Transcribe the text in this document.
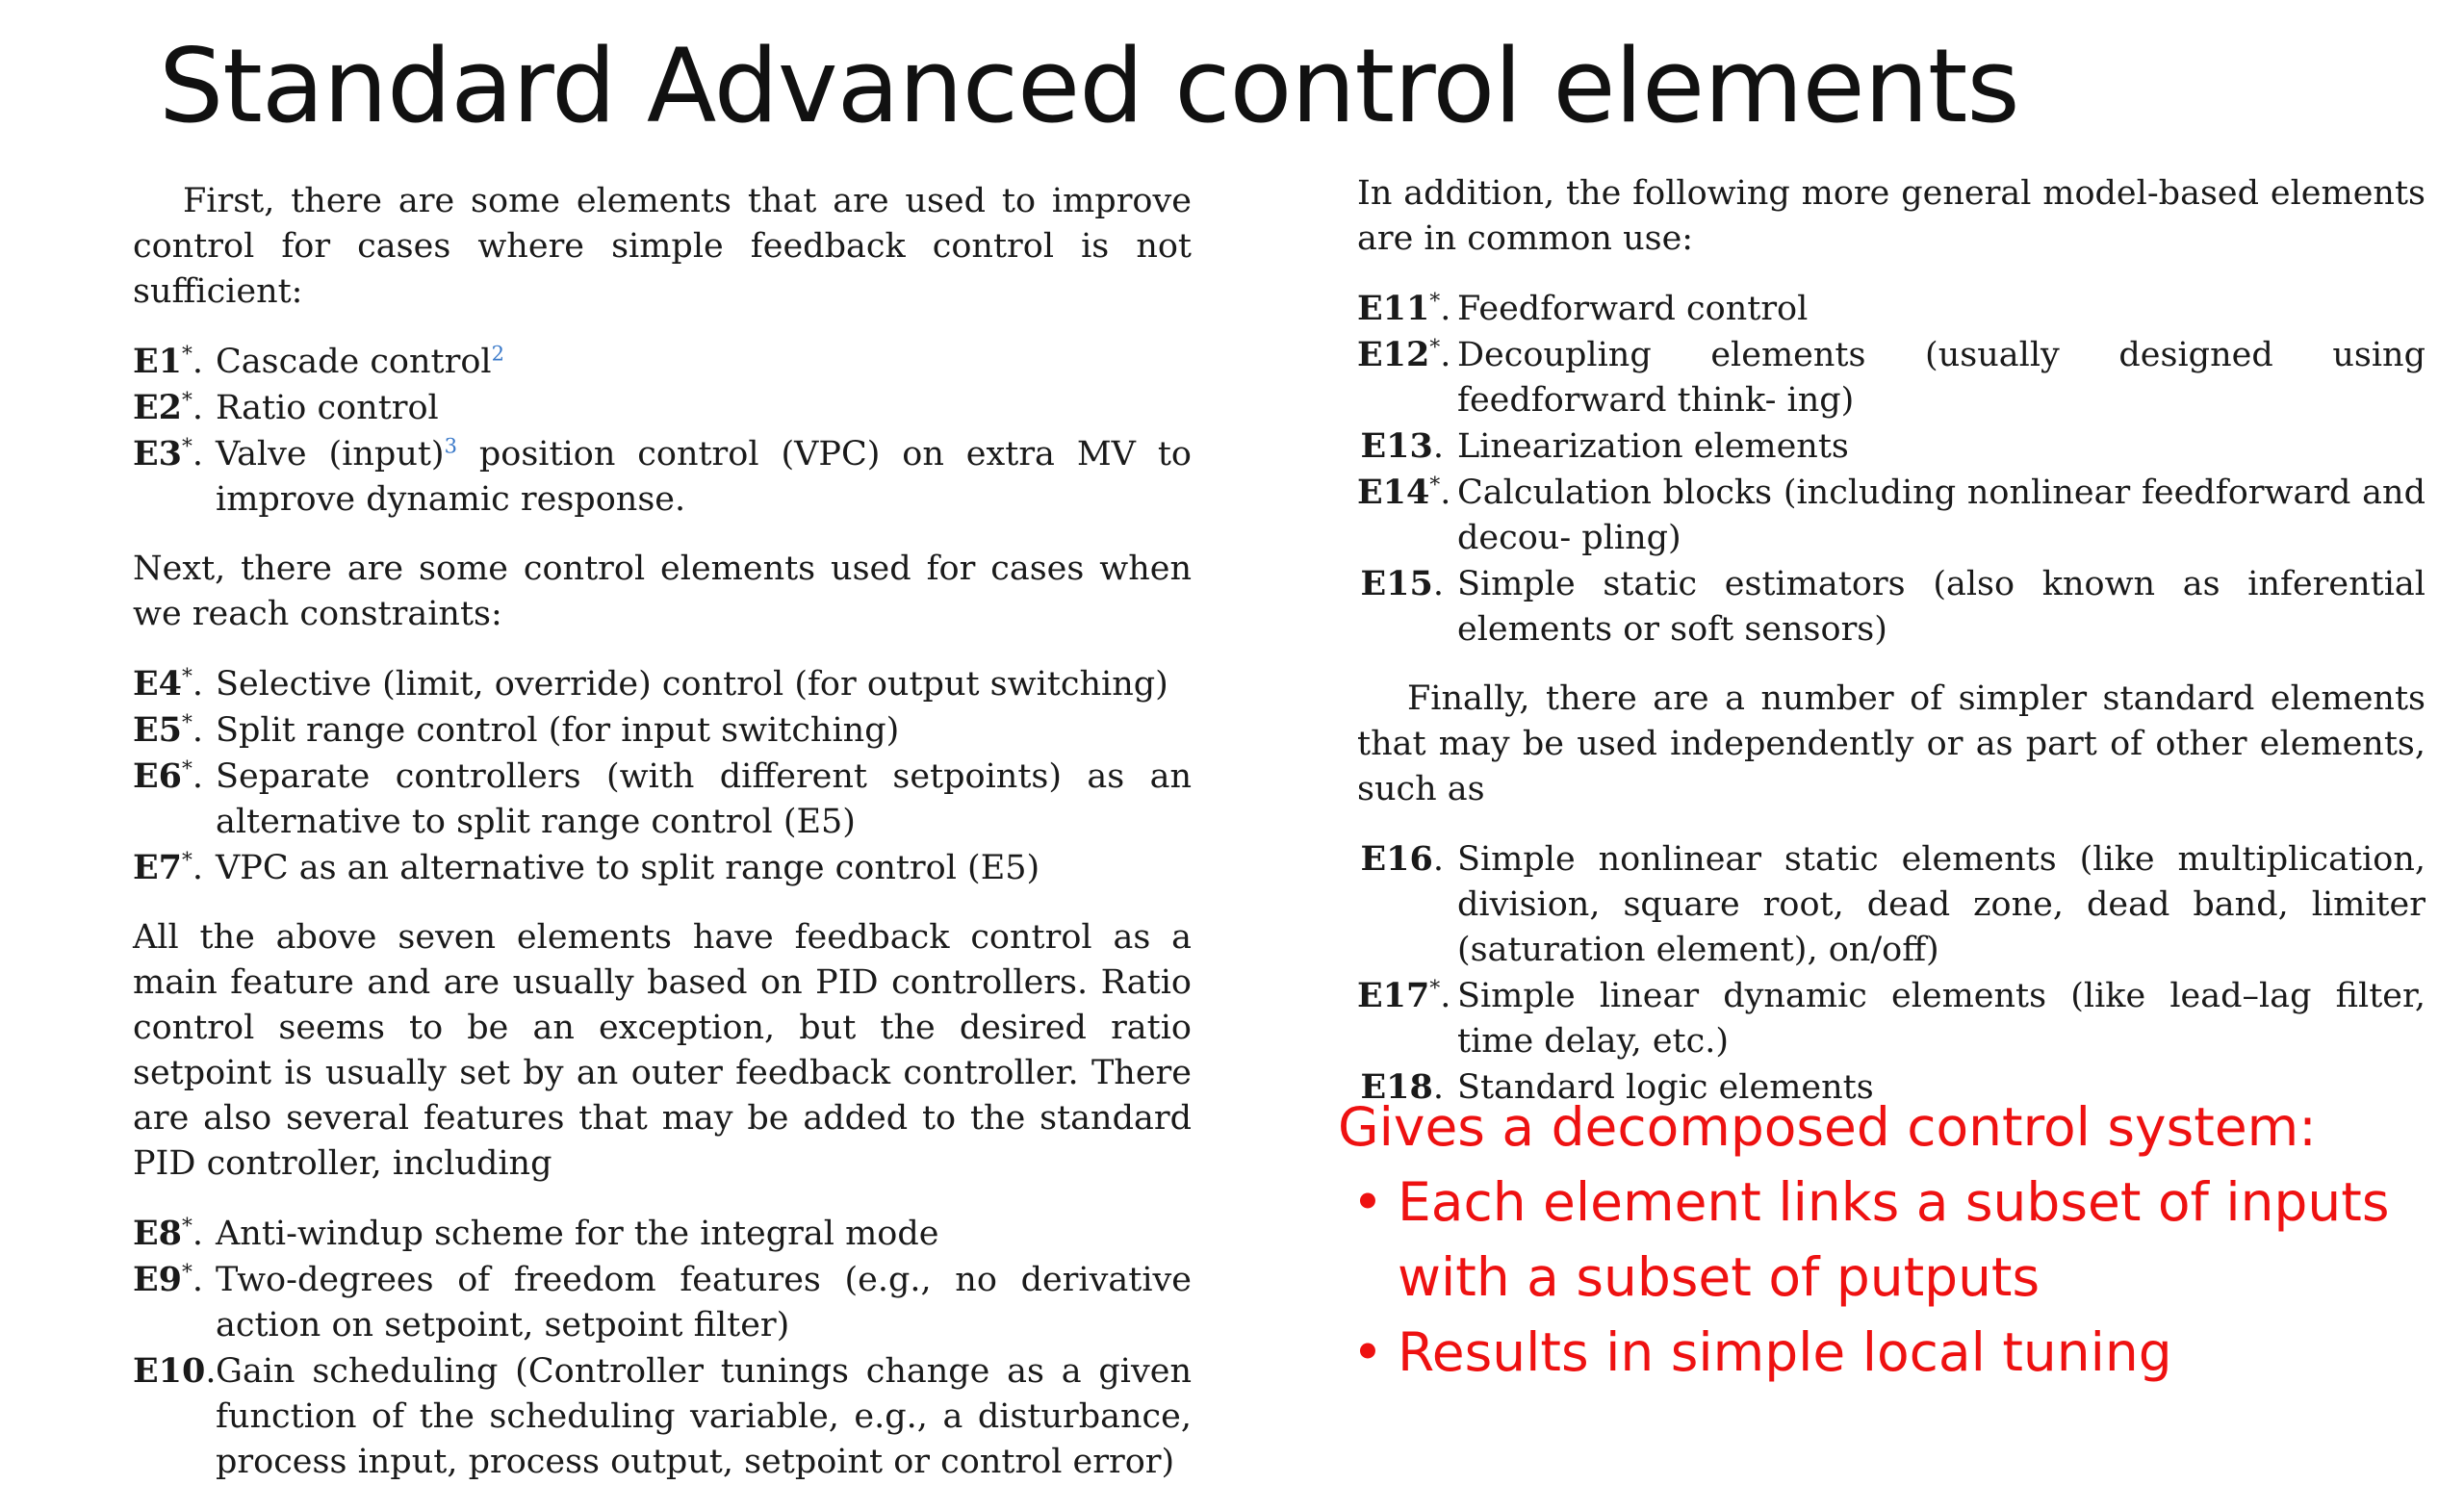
Standard Advanced control elements

First, there are some elements that are used to improve control for cases where simple feedback control is not sufficient:

E1*. Cascade control$^2$
E2*. Ratio control
E3*. Valve (input)$^3$ position control (VPC) on extra MV to improve dynamic response.

Next, there are some control elements used for cases when we reach constraints:

E4*. Selective (limit, override) control (for output switching)
E5*. Split range control (for input switching)
E6*. Separate controllers (with different setpoints) as an alternative to split range control (E5)
E7*. VPC as an alternative to split range control (E5)

All the above seven elements have feedback control as a main feature and are usually based on PID controllers. Ratio control seems to be an exception, but the desired ratio setpoint is usually set by an outer feedback controller. There are also several features that may be added to the standard PID controller, including

E8*. Anti-windup scheme for the integral mode
E9*. Two-degrees of freedom features (e.g., no derivative action on setpoint, setpoint filter)
E10. Gain scheduling (Controller tunings change as a given function of the scheduling variable, e.g., a disturbance, process input, process output, setpoint or control error)

In addition, the following more general model-based elements are in common use:

E11*. Feedforward control
E12*. Decoupling elements (usually designed using feedforward think- ing)
E13. Linearization elements
E14*. Calculation blocks (including nonlinear feedforward and decou- pling)
E15. Simple static estimators (also known as inferential elements or soft sensors)

Finally, there are a number of simpler standard elements that may be used independently or as part of other elements, such as

E16. Simple nonlinear static elements (like multiplication, division, square root, dead zone, dead band, limiter (saturation element), on/off)
E17*. Simple linear dynamic elements (like lead–lag filter, time delay, etc.)
E18. Standard logic elements
Gives a decomposed control system:
• Each element links a subset of inputs with a subset of putputs
• Results in simple local tuning
